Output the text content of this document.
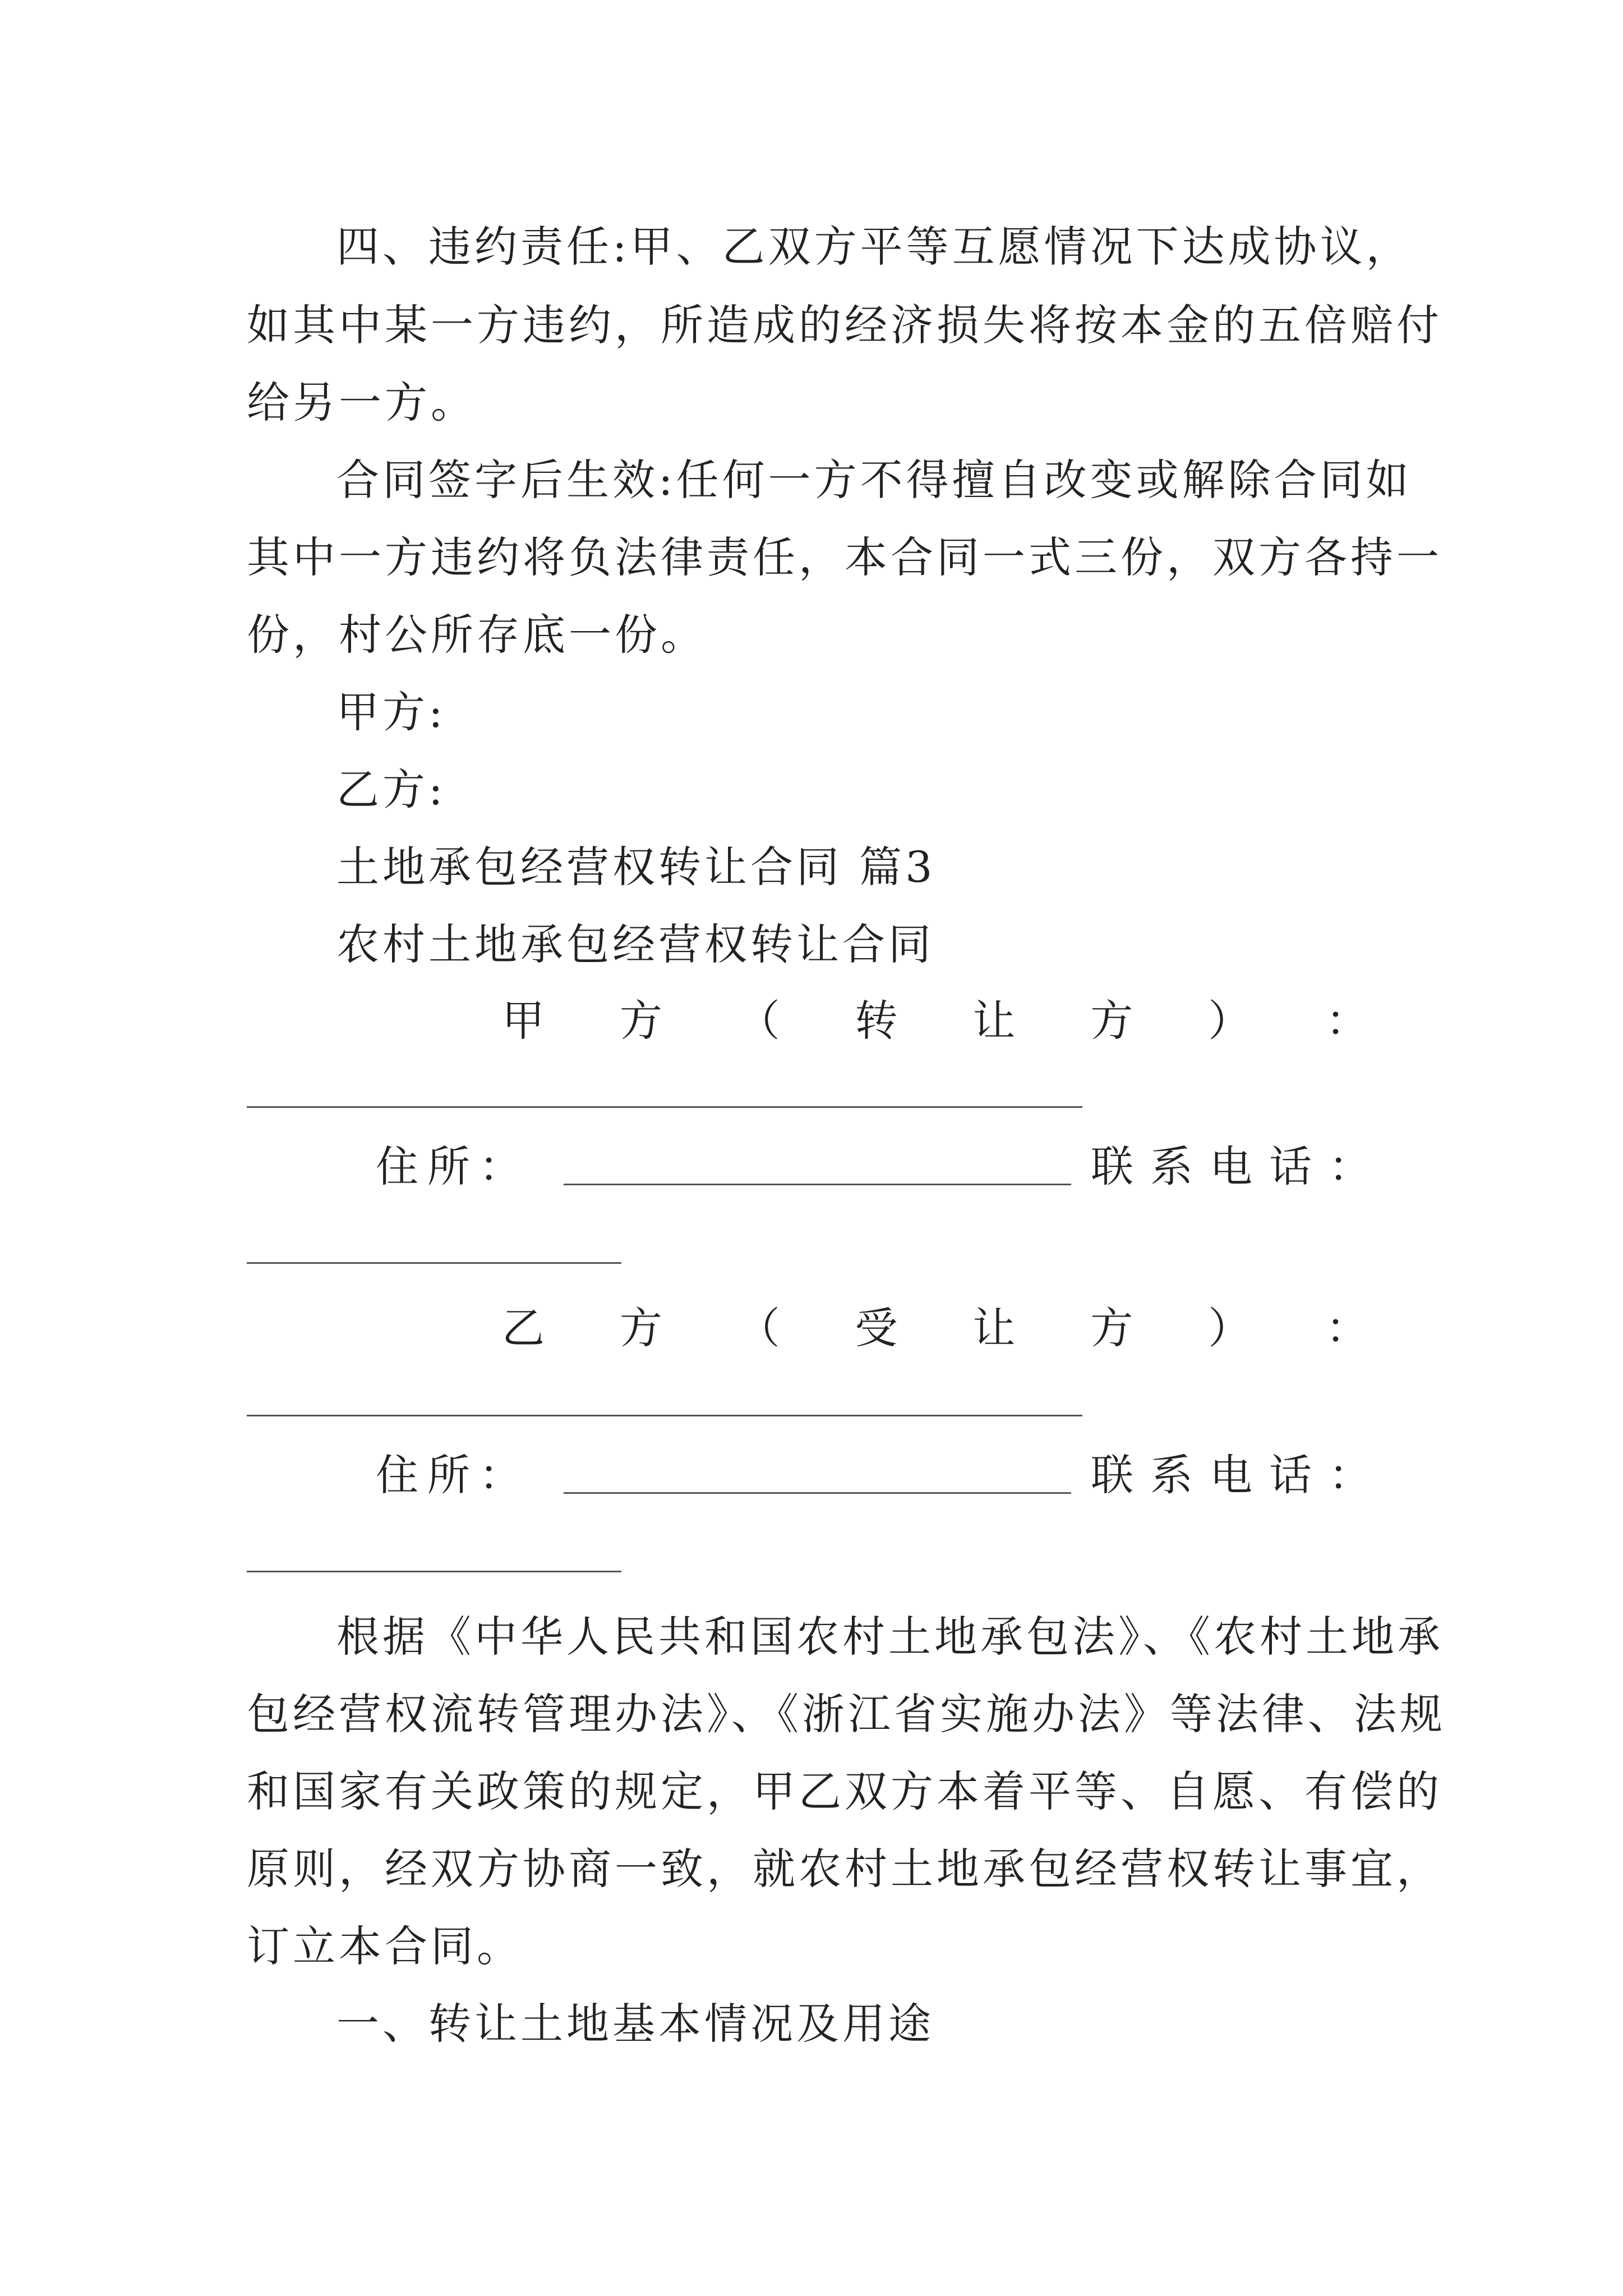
四、违约责任:甲、乙双方平等互愿情况下达成协议，
如其中某一方违约，所造成的经济损失将按本金的五倍赔付
给另一方。
合同签字后生效:任何一方不得擅自改变或解除合同如
其中一方违约将负法律责任，本合同一式三份，双方各持一
份，村公所存底一份。
甲方:
乙方:
土地承包经营权转让合同 篇3
农村土地承包经营权转让合同
甲 方 （ 转 让 方 ） ：
住 所 ：	联 系 电 话 ：
乙 方 （ 受 让 方 ） ：
住 所 ：	联 系 电 话 ：
根据《中华人民共和国农村土地承包法》、《农村土地承
包经营权流转管理办法》、《浙江省实施办法》等法律、法规
和国家有关政策的规定，甲乙双方本着平等、自愿、有偿的
原则，经双方协商一致，就农村土地承包经营权转让事宜，
订立本合同。
一、转让土地基本情况及用途
